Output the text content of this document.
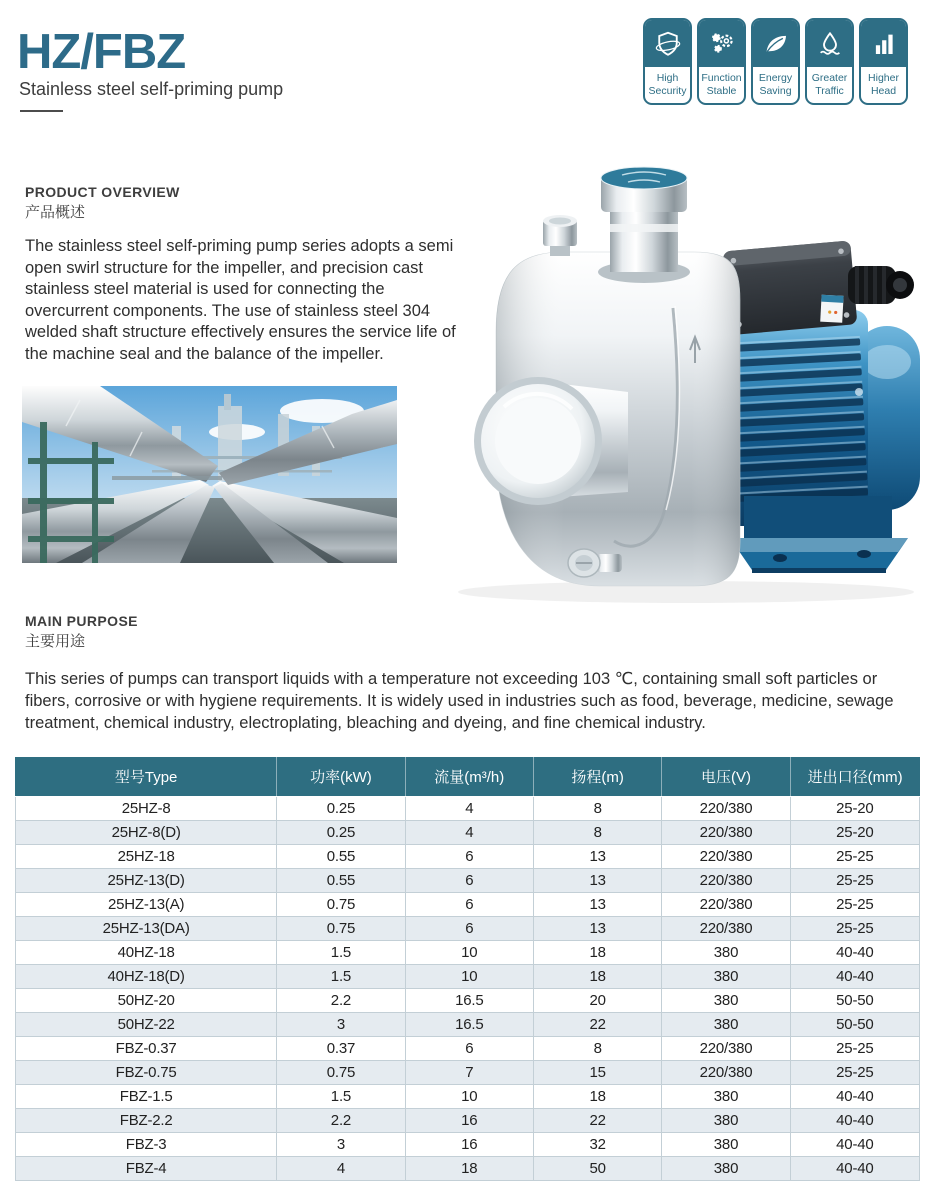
HZ/FBZ
Stainless steel self-priming pump
High
Security
Function
Stable
Energy
Saving
Greater
Traffic
Higher
Head
PRODUCT OVERVIEW
产品概述
The stainless steel self-priming pump series adopts a semi open swirl structure for the impeller, and precision cast stainless steel material is used for connecting the overcurrent components. The use of stainless steel 304 welded shaft structure effectively ensures the service life of the machine seal and the balance of the impeller.
MAIN PURPOSE
主要用途
This series of pumps can transport liquids with a temperature not exceeding 103 ℃, containing small soft particles or fibers, corrosive or with hygiene requirements. It is widely used in industries such as food, beverage, medicine, sewage treatment, chemical industry, electroplating, bleaching and dyeing, and fine chemical industry.
型号Type	功率(kW)	流量(m³/h)	扬程(m)	电压(V)	进出口径(mm)
25HZ-8	0.25	4	8	220/380	25-20
25HZ-8(D)	0.25	4	8	220/380	25-20
25HZ-18	0.55	6	13	220/380	25-25
25HZ-13(D)	0.55	6	13	220/380	25-25
25HZ-13(A)	0.75	6	13	220/380	25-25
25HZ-13(DA)	0.75	6	13	220/380	25-25
40HZ-18	1.5	10	18	380	40-40
40HZ-18(D)	1.5	10	18	380	40-40
50HZ-20	2.2	16.5	20	380	50-50
50HZ-22	3	16.5	22	380	50-50
FBZ-0.37	0.37	6	8	220/380	25-25
FBZ-0.75	0.75	7	15	220/380	25-25
FBZ-1.5	1.5	10	18	380	40-40
FBZ-2.2	2.2	16	22	380	40-40
FBZ-3	3	16	32	380	40-40
FBZ-4	4	18	50	380	40-40
